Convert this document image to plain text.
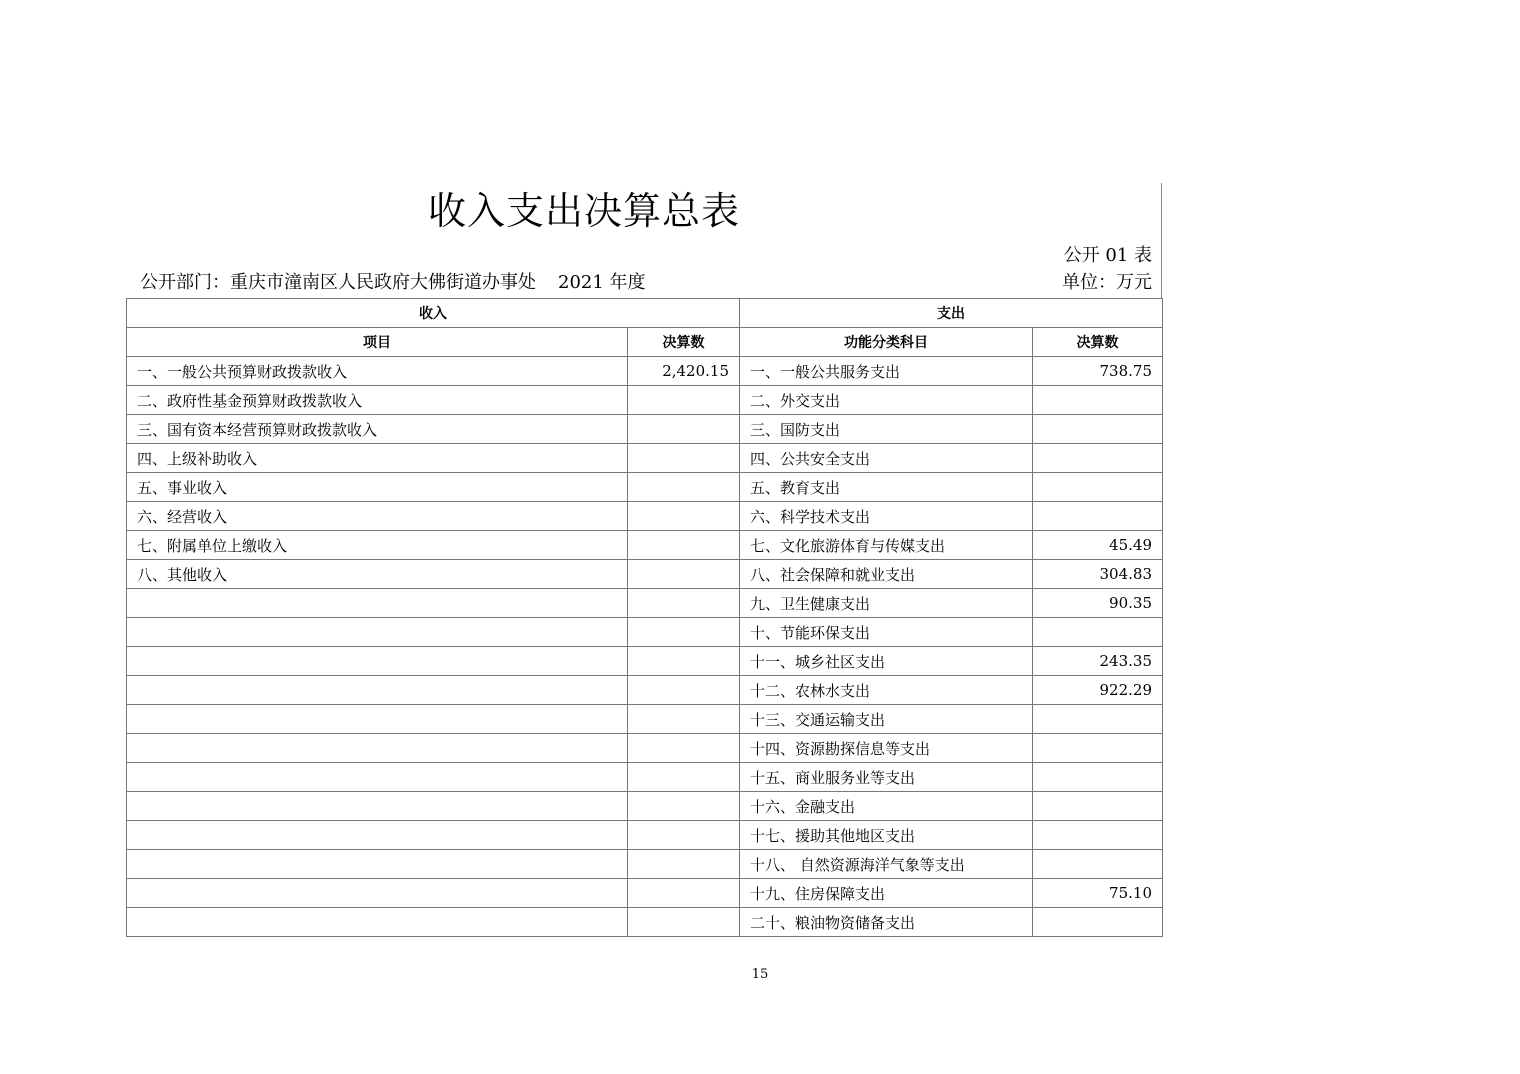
收入支出决算总表
公开 01 表
公开部门：重庆市潼南区人民政府大佛街道办事处 2021 年度	单位：万元
收入		支出	
项目	决算数	功能分类科目	决算数
一、一般公共预算财政拨款收入	2,420.15	一、一般公共服务支出	738.75
二、政府性基金预算财政拨款收入		二、外交支出	
三、国有资本经营预算财政拨款收入		三、国防支出	
四、上级补助收入		四、公共安全支出	
五、事业收入		五、教育支出	
六、经营收入		六、科学技术支出	
七、附属单位上缴收入		七、文化旅游体育与传媒支出	45.49
八、其他收入		八、社会保障和就业支出	304.83
		九、卫生健康支出	90.35
		十、节能环保支出	
		十一、城乡社区支出	243.35
		十二、农林水支出	922.29
		十三、交通运输支出	
		十四、资源勘探信息等支出	
		十五、商业服务业等支出	
		十六、金融支出	
		十七、援助其他地区支出	
		十八、 自然资源海洋气象等支出	
		十九、住房保障支出	75.10
		二十、粮油物资储备支出	
15
